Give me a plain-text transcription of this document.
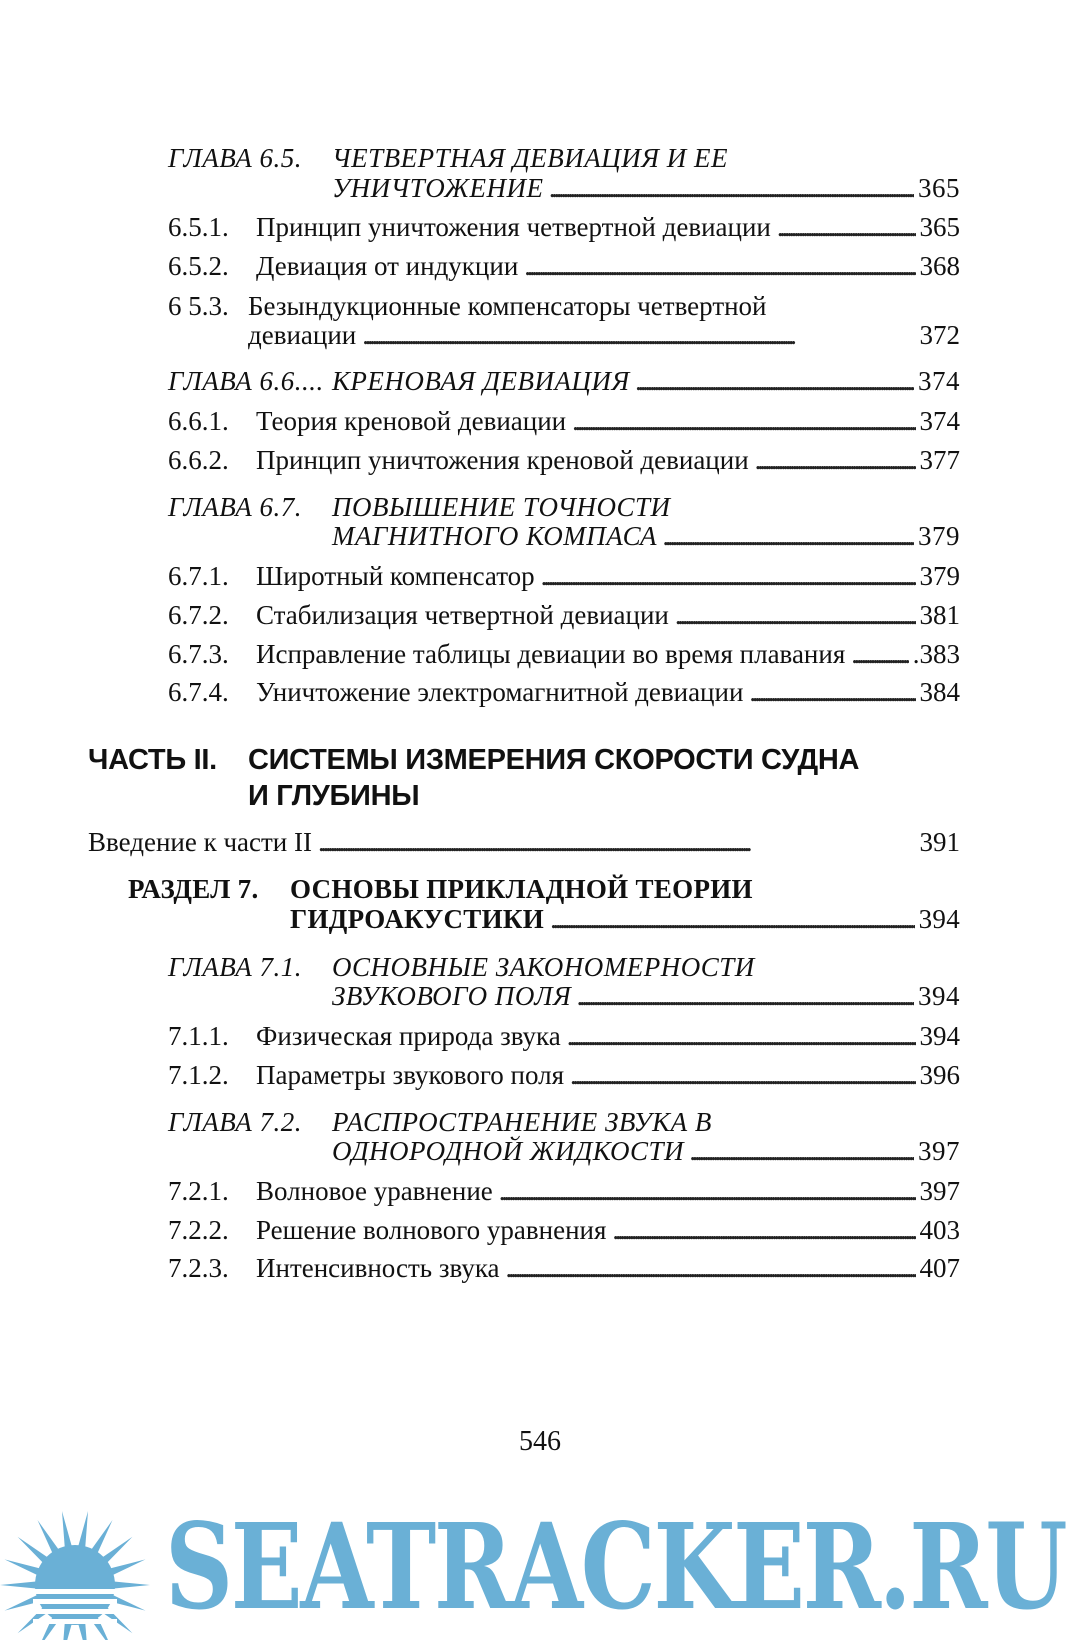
ГЛАВА 6.5. ЧЕТВЕРТНАЯ ДЕВИАЦИЯ И ЕЕ
УНИЧТОЖЕНИЕ . . .	365
6.5.1.	Принцип уничтожения четвертной девиации . . .	365
6.5.2.	Девиация от индукции . . .	368
6 5.3. Безындукционные компенсаторы четвертной
девиации . . .	372
ГЛАВА 6.6.... КРЕНОВАЯ ДЕВИАЦИЯ . . .	374
6.6.1.	Теория креновой девиации . . .	374
6.6.2.	Принцип уничтожения креновой девиации . . .	377
ГЛАВА 6.7. ПОВЫШЕНИЕ ТОЧНОСТИ
МАГНИТНОГО КОМПАСА . . .	379
6.7.1.	Широтный компенсатор . . .	379
6.7.2.	Стабилизация четвертной девиации . . .	381
6.7.3.	Исправление таблицы девиации во время плавания . . .	.383
6.7.4.	Уничтожение электромагнитной девиации . . .	384
ЧАСТЬ II. СИСТЕМЫ ИЗМЕРЕНИЯ СКОРОСТИ СУДНА
И ГЛУБИНЫ
Введение к части II . . .	391
РАЗДЕЛ 7. ОСНОВЫ ПРИКЛАДНОЙ ТЕОРИИ
ГИДРОАКУСТИКИ . . .	394
ГЛАВА 7.1. ОСНОВНЫЕ ЗАКОНОМЕРНОСТИ
ЗВУКОВОГО ПОЛЯ . . .	394
7.1.1.	Физическая природа звука . . .	394
7.1.2.	Параметры звукового поля . . .	396
ГЛАВА 7.2. РАСПРОСТРАНЕНИЕ ЗВУКА В
ОДНОРОДНОЙ ЖИДКОСТИ . . .	397
7.2.1.	Волновое уравнение . . .	397
7.2.2.	Решение волнового уравнения . . .	403
7.2.3.	Интенсивность звука . . .	407
546
SEATRACKER.RU
